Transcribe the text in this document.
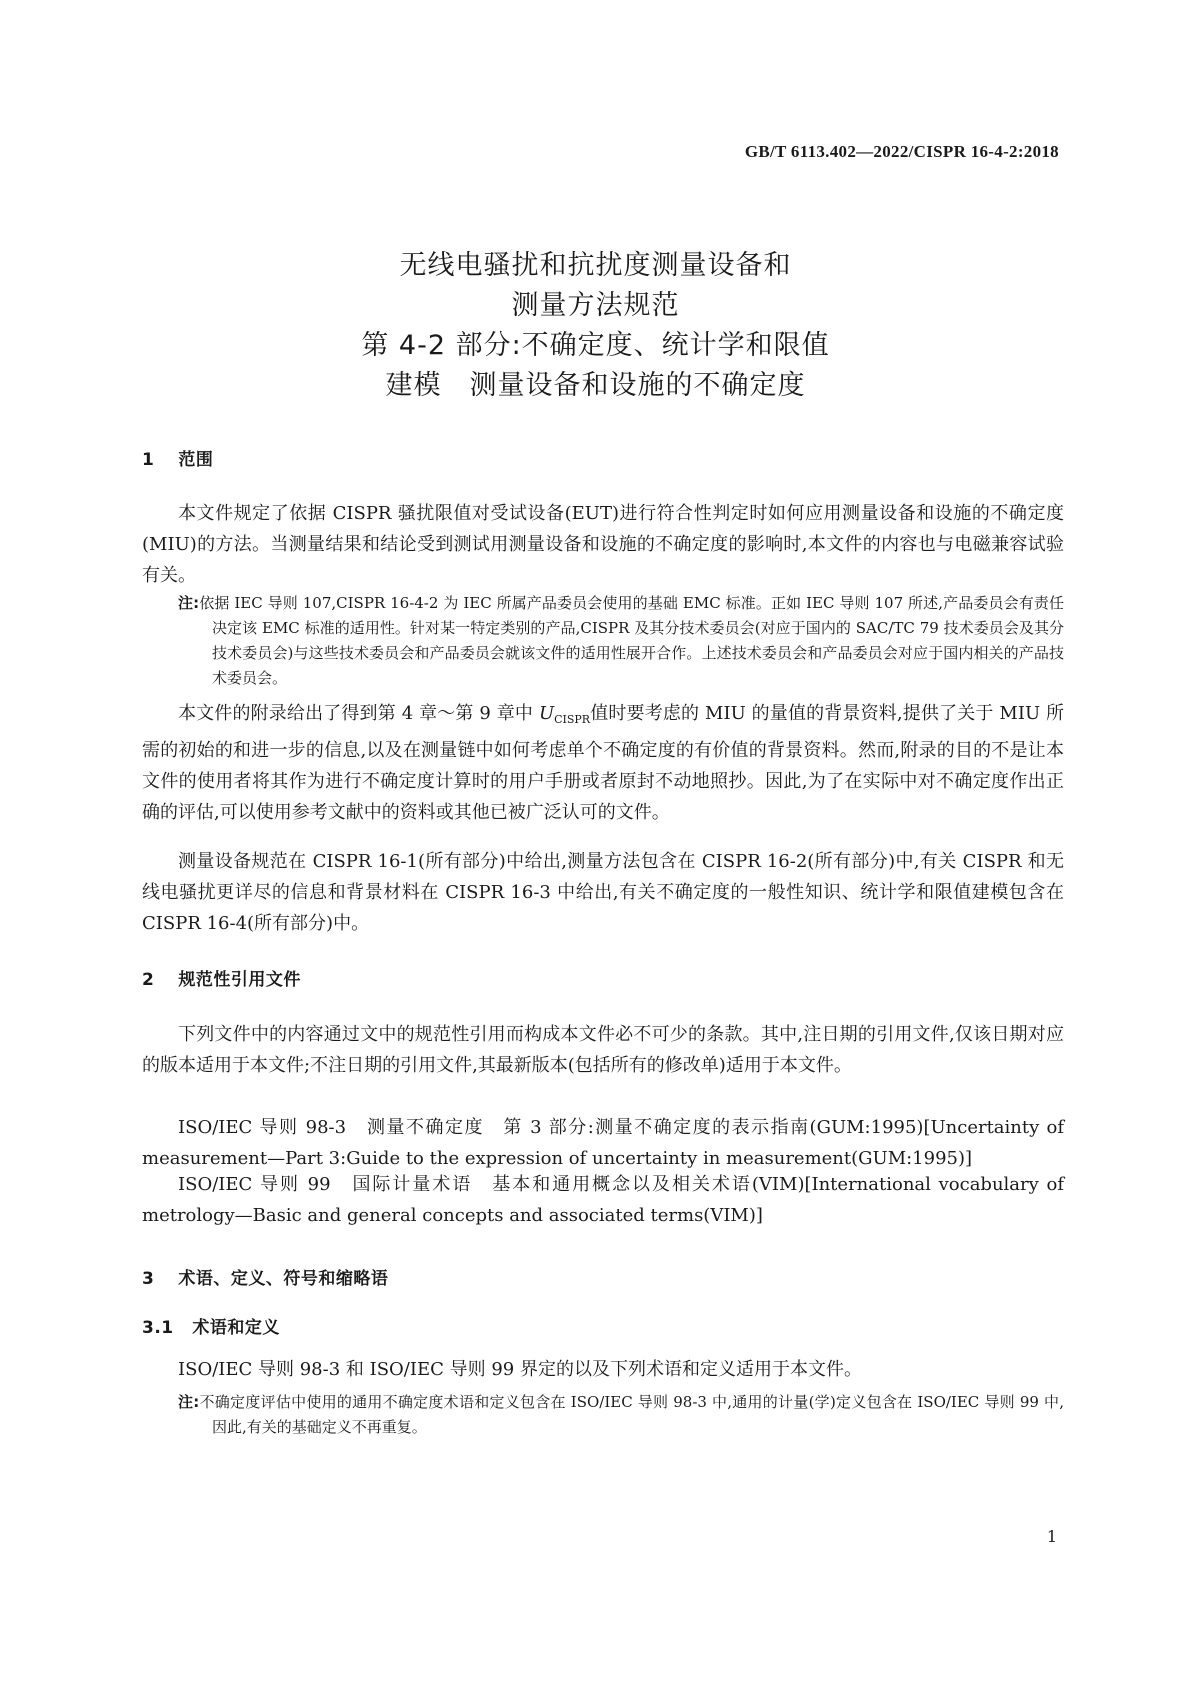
GB/T 6113.402—2022/CISPR 16-4-2:2018
无线电骚扰和抗扰度测量设备和
测量方法规范
第 4-2 部分:不确定度、统计学和限值
建模　测量设备和设施的不确定度
1 范围
本文件规定了依据 CISPR 骚扰限值对受试设备(EUT)进行符合性判定时如何应用测量设备和设施的不确定度(MIU)的方法。当测量结果和结论受到测试用测量设备和设施的不确定度的影响时,本文件的内容也与电磁兼容试验有关。
注:依据 IEC 导则 107,CISPR 16-4-2 为 IEC 所属产品委员会使用的基础 EMC 标准。正如 IEC 导则 107 所述,产品委员会有责任决定该 EMC 标准的适用性。针对某一特定类别的产品,CISPR 及其分技术委员会(对应于国内的 SAC/TC 79 技术委员会及其分技术委员会)与这些技术委员会和产品委员会就该文件的适用性展开合作。上述技术委员会和产品委员会对应于国内相关的产品技术委员会。
本文件的附录给出了得到第 4 章～第 9 章中 $U_{CISPR}$值时要考虑的 MIU 的量值的背景资料,提供了关于 MIU 所需的初始的和进一步的信息,以及在测量链中如何考虑单个不确定度的有价值的背景资料。然而,附录的目的不是让本文件的使用者将其作为进行不确定度计算时的用户手册或者原封不动地照抄。因此,为了在实际中对不确定度作出正确的评估,可以使用参考文献中的资料或其他已被广泛认可的文件。
测量设备规范在 CISPR 16-1(所有部分)中给出,测量方法包含在 CISPR 16-2(所有部分)中,有关 CISPR 和无线电骚扰更详尽的信息和背景材料在 CISPR 16-3 中给出,有关不确定度的一般性知识、统计学和限值建模包含在 CISPR 16-4(所有部分)中。
2 规范性引用文件
下列文件中的内容通过文中的规范性引用而构成本文件必不可少的条款。其中,注日期的引用文件,仅该日期对应的版本适用于本文件;不注日期的引用文件,其最新版本(包括所有的修改单)适用于本文件。
ISO/IEC 导则 98-3　测量不确定度　第 3 部分:测量不确定度的表示指南(GUM:1995)[Uncertainty of measurement—Part 3:Guide to the expression of uncertainty in measurement(GUM:1995)]
ISO/IEC 导则 99　国际计量术语　基本和通用概念以及相关术语(VIM)[International vocabulary of metrology—Basic and general concepts and associated terms(VIM)]
3 术语、定义、符号和缩略语
3.1 术语和定义
ISO/IEC 导则 98-3 和 ISO/IEC 导则 99 界定的以及下列术语和定义适用于本文件。
注:不确定度评估中使用的通用不确定度术语和定义包含在 ISO/IEC 导则 98-3 中,通用的计量(学)定义包含在 ISO/IEC 导则 99 中,因此,有关的基础定义不再重复。
1
